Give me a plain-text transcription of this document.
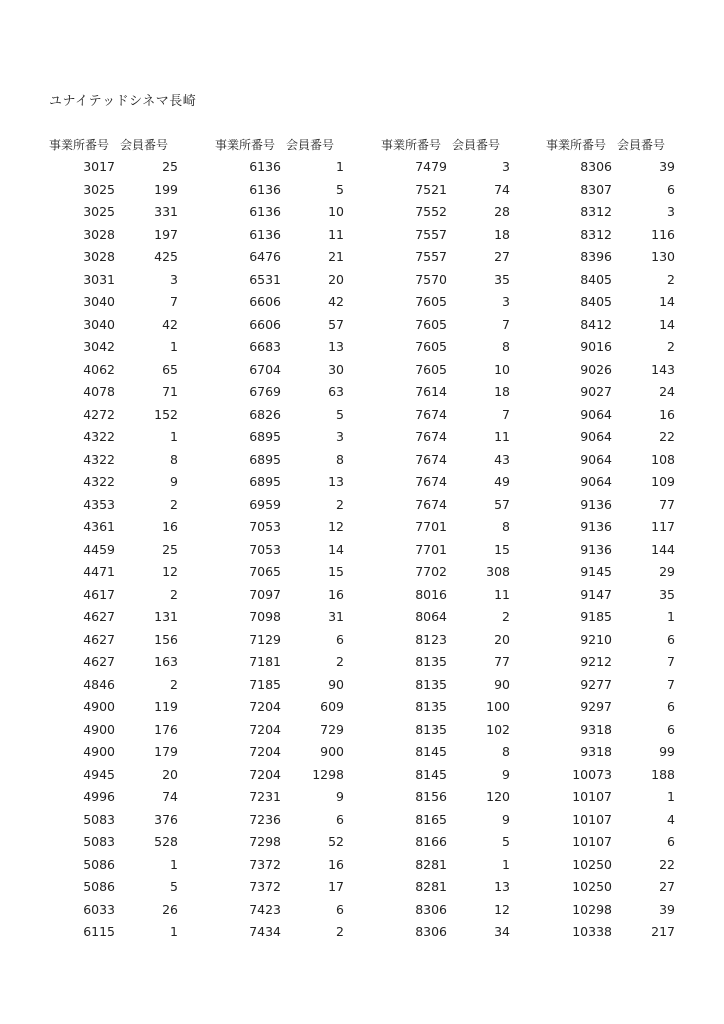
ユナイテッドシネマ長崎
事業所番号 会員番号
3017	25
3025	199
3025	331
3028	197
3028	425
3031	3
3040	7
3040	42
3042	1
4062	65
4078	71
4272	152
4322	1
4322	8
4322	9
4353	2
4361	16
4459	25
4471	12
4617	2
4627	131
4627	156
4627	163
4846	2
4900	119
4900	176
4900	179
4945	20
4996	74
5083	376
5083	528
5086	1
5086	5
6033	26
6115	1
事業所番号 会員番号
6136	1
6136	5
6136	10
6136	11
6476	21
6531	20
6606	42
6606	57
6683	13
6704	30
6769	63
6826	5
6895	3
6895	8
6895	13
6959	2
7053	12
7053	14
7065	15
7097	16
7098	31
7129	6
7181	2
7185	90
7204	609
7204	729
7204	900
7204	1298
7231	9
7236	6
7298	52
7372	16
7372	17
7423	6
7434	2
事業所番号 会員番号
7479	3
7521	74
7552	28
7557	18
7557	27
7570	35
7605	3
7605	7
7605	8
7605	10
7614	18
7674	7
7674	11
7674	43
7674	49
7674	57
7701	8
7701	15
7702	308
8016	11
8064	2
8123	20
8135	77
8135	90
8135	100
8135	102
8145	8
8145	9
8156	120
8165	9
8166	5
8281	1
8281	13
8306	12
8306	34
事業所番号 会員番号
8306	39
8307	6
8312	3
8312	116
8396	130
8405	2
8405	14
8412	14
9016	2
9026	143
9027	24
9064	16
9064	22
9064	108
9064	109
9136	77
9136	117
9136	144
9145	29
9147	35
9185	1
9210	6
9212	7
9277	7
9297	6
9318	6
9318	99
10073	188
10107	1
10107	4
10107	6
10250	22
10250	27
10298	39
10338	217
